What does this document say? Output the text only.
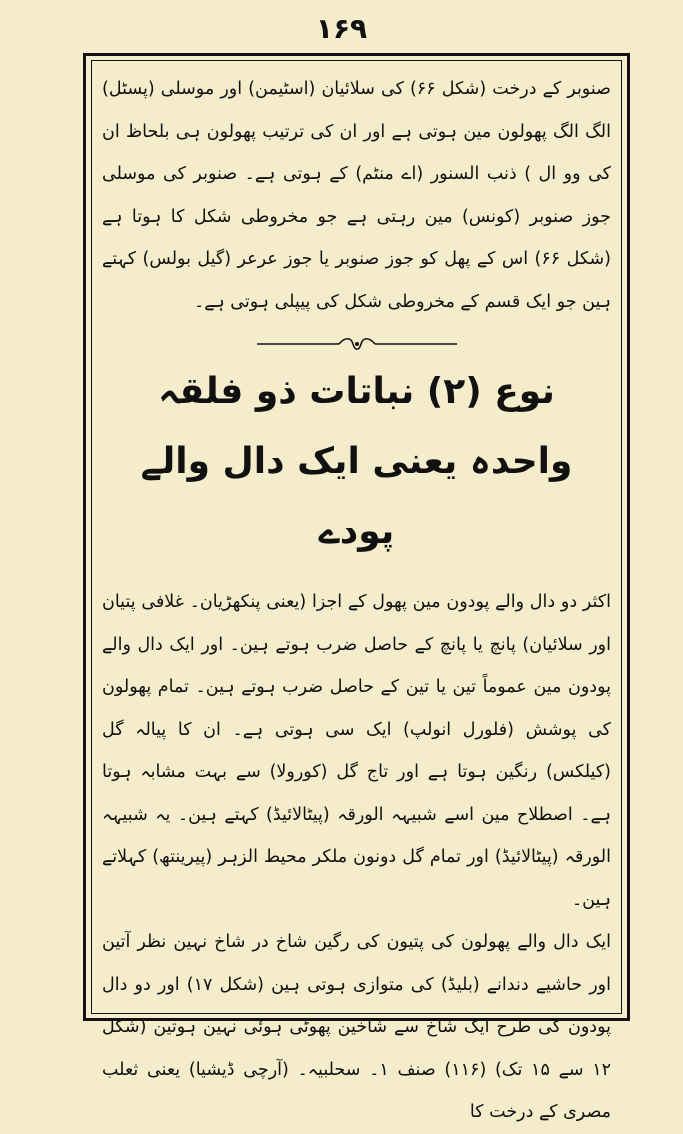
۱۶۹

صنوبر کے درخت (شکل ۶۶) کی سلائیان (اسٹیمن) اور موسلی (پسٹل) الگ الگ پھولون مین ہوتی ہے اور ان کی ترتیب پھولون ہی بلحاظ ان کی وو ال ) ذنب السنور (اے منٹم) کے ہوتی ہے۔ صنوبر کی موسلی جوز صنوبر (کونس) مین رہتی ہے جو مخروطی شکل کا ہوتا ہے (شکل ۶۶) اس کے پھل کو جوز صنوبر یا جوز عرعر (گیل بولس) کہتے ہین جو ایک قسم کے مخروطی شکل کی پیپلی ہوتی ہے۔

نوع (۲) نباتات ذو فلقہ واحدہ یعنی ایک دال والے پودے

اکثر دو دال والے پودون مین پھول کے اجزا (یعنی پنکھڑیان۔ غلافی پتیان اور سلائیان) پانچ یا پانچ کے حاصل ضرب ہوتے ہین۔ اور ایک دال والے پودون مین عموماً تین یا تین کے حاصل ضرب ہوتے ہین۔ تمام پھولون کی پوشش (فلورل انولپ) ایک سی ہوتی ہے۔ ان کا پیالہ گل (کیلکس) رنگین ہوتا ہے اور تاج گل (کورولا) سے بہت مشابہ ہوتا ہے۔ اصطلاح مین اسے شبیہہ الورقہ (پیٹالائیڈ) کہتے ہین۔ یہ شبیہہ الورقہ (پیٹالائیڈ) اور تمام گل دونون ملکر محیط الزہر (پیرینتھ) کہلاتے ہین۔

ایک دال والے پھولون کی پتیون کی رگین شاخ در شاخ نہین نظر آتین اور حاشیے دندانے (بلیڈ) کی متوازی ہوتی ہین (شکل ۱۷) اور دو دال پودون کی طرح ایک شاخ سے شاخین پھوٹی ہوئی نہین ہوتین (شکل ۱۲ سے ۱۵ تک) (۱۱۶) صنف ۱۔ سحلبیہ۔ (آرچی ڈیشیا) یعنی ثعلب مصری کے درخت کا
